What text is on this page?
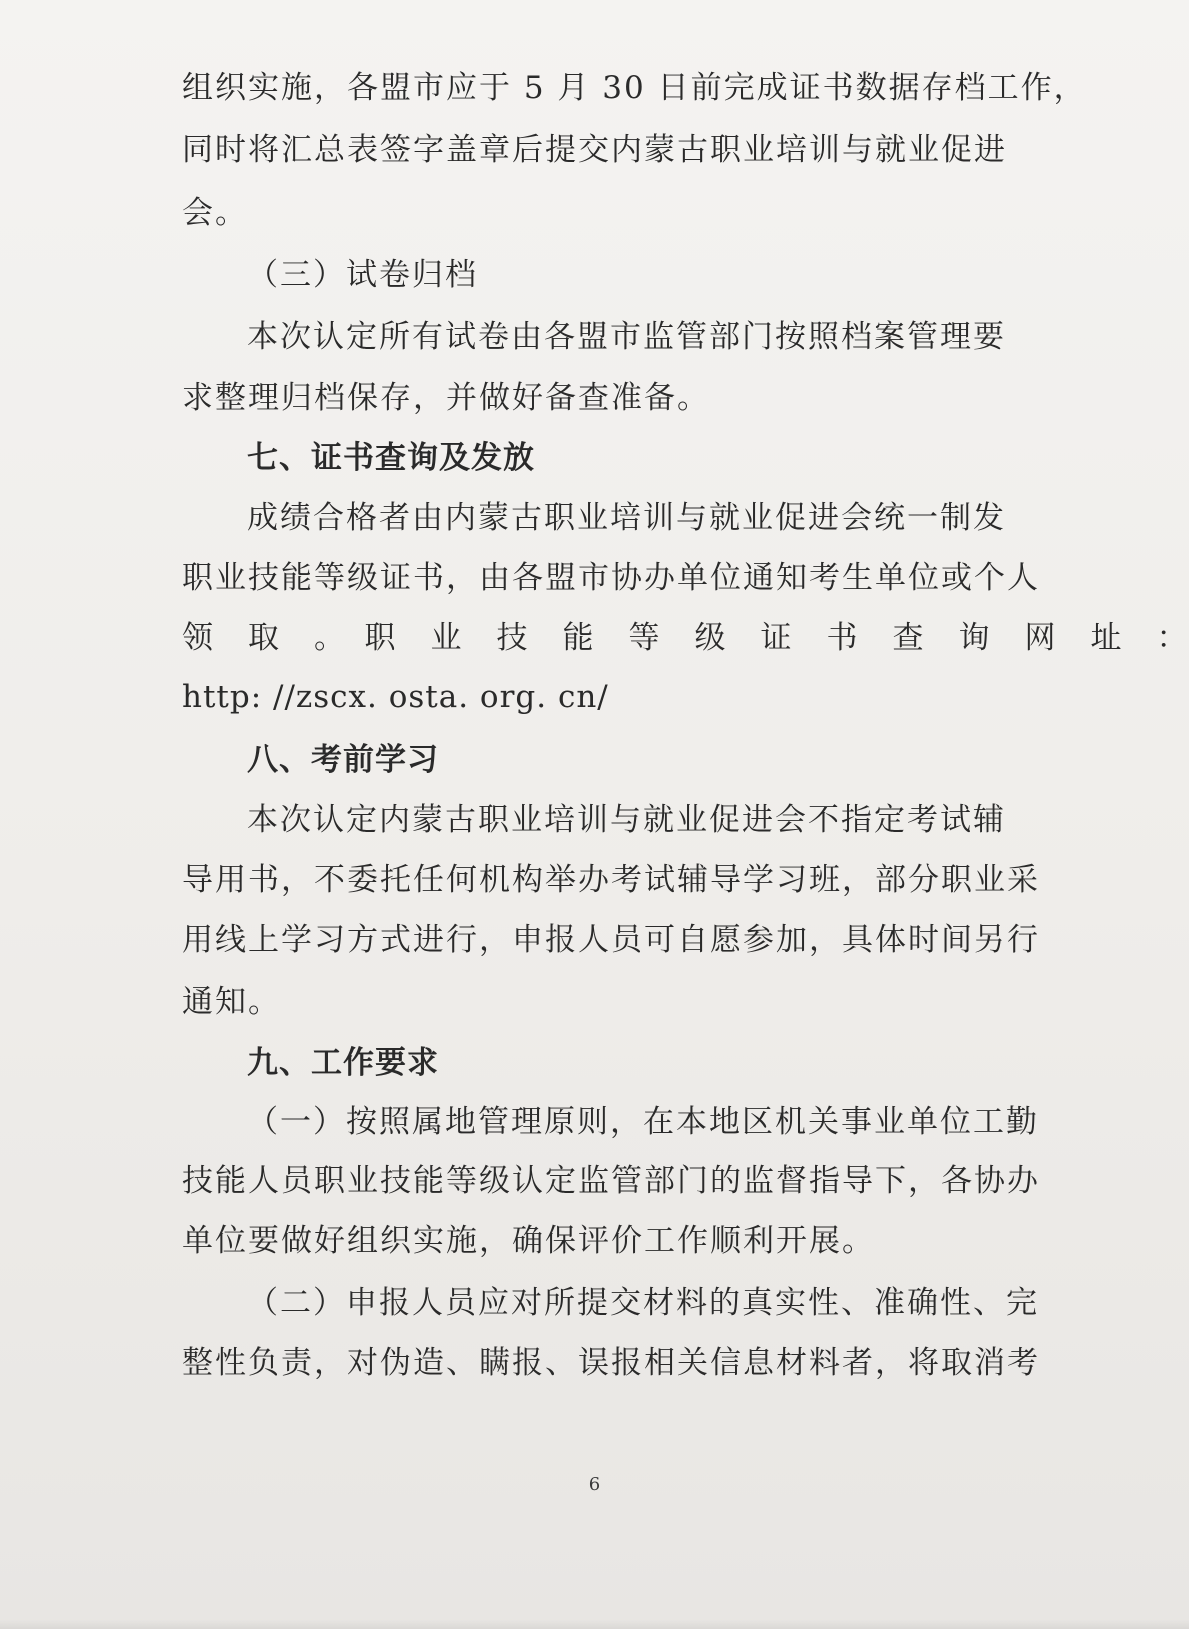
组织实施，各盟市应于 5 月 30 日前完成证书数据存档工作，
同时将汇总表签字盖章后提交内蒙古职业培训与就业促进
会。
（三）试卷归档
本次认定所有试卷由各盟市监管部门按照档案管理要
求整理归档保存，并做好备查准备。
七、证书查询及发放
成绩合格者由内蒙古职业培训与就业促进会统一制发
职业技能等级证书，由各盟市协办单位通知考生单位或个人
领　取　。　职　业　技　能　等　级　证　书　查　询　网　址　：
http: //zscx. osta. org. cn/
八、考前学习
本次认定内蒙古职业培训与就业促进会不指定考试辅
导用书，不委托任何机构举办考试辅导学习班，部分职业采
用线上学习方式进行，申报人员可自愿参加，具体时间另行
通知。
九、工作要求
（一）按照属地管理原则，在本地区机关事业单位工勤
技能人员职业技能等级认定监管部门的监督指导下，各协办
单位要做好组织实施，确保评价工作顺利开展。
（二）申报人员应对所提交材料的真实性、准确性、完
整性负责，对伪造、瞒报、误报相关信息材料者，将取消考
6
